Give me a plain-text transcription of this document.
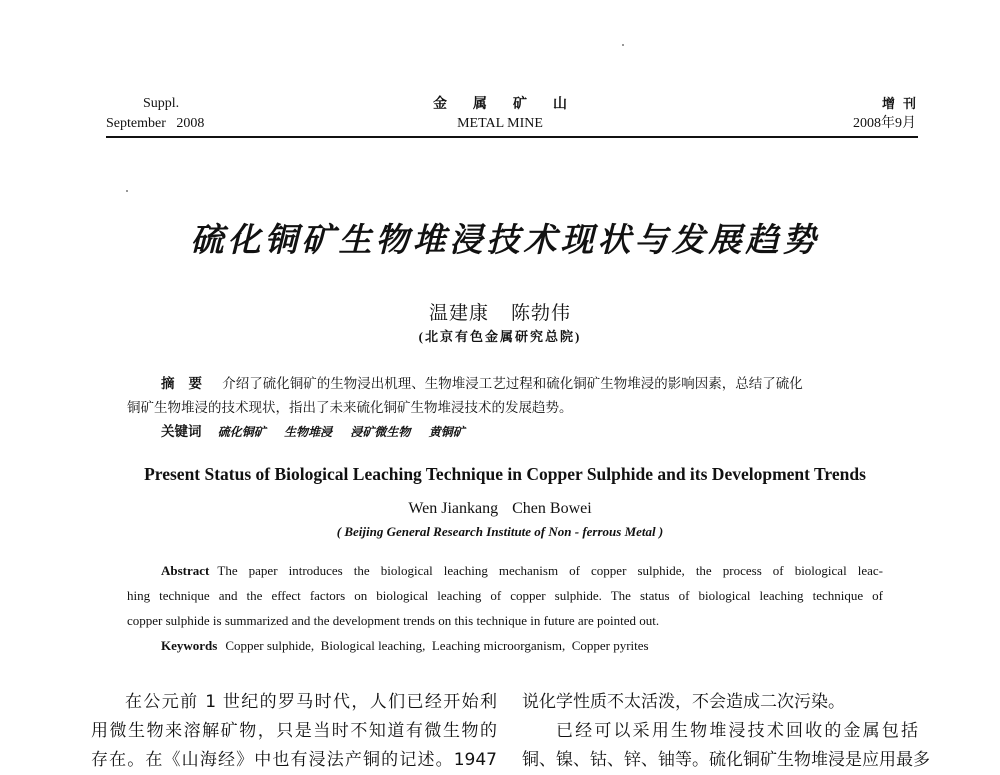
Suppl.
September   2008
金属矿山
METAL MINE
增刊
2008年9月
硫化铜矿生物堆浸技术现状与发展趋势
温建康 陈勃伟
(北京有色金属研究总院)

摘要 介绍了硫化铜矿的生物浸出机理、生物堆浸工艺过程和硫化铜矿生物堆浸的影响因素，总结了硫化

铜矿生物堆浸的技术现状，指出了未来硫化铜矿生物堆浸技术的发展趋势。

关键词 硫化铜矿 生物堆浸 浸矿微生物 黄铜矿

Present Status of Biological Leaching Technique in Copper Sulphide and its Development Trends
Wen Jiankang Chen Bowei
( Beijing General Research Institute of Non - ferrous Metal )
Abstract The paper introduces the biological leaching mechanism of copper sulphide, the process of biological leac-
hing technique and the effect factors on biological leaching of copper sulphide. The status of biological leaching technique of
copper sulphide is summarized and the development trends on this technique in future are pointed out.
Keywords Copper sulphide,  Biological leaching,  Leaching microorganism,  Copper pyrites
在公元前 1 世纪的罗马时代，人们已经开始利
用微生物来溶解矿物，只是当时不知道有微生物的
存在。在《山海经》中也有浸法产铜的记述。1947
说化学性质不太活泼，不会造成二次污染。
已经可以采用生物堆浸技术回收的金属包括
铜、镍、钴、锌、铀等。硫化铜矿生物堆浸是应用最多
